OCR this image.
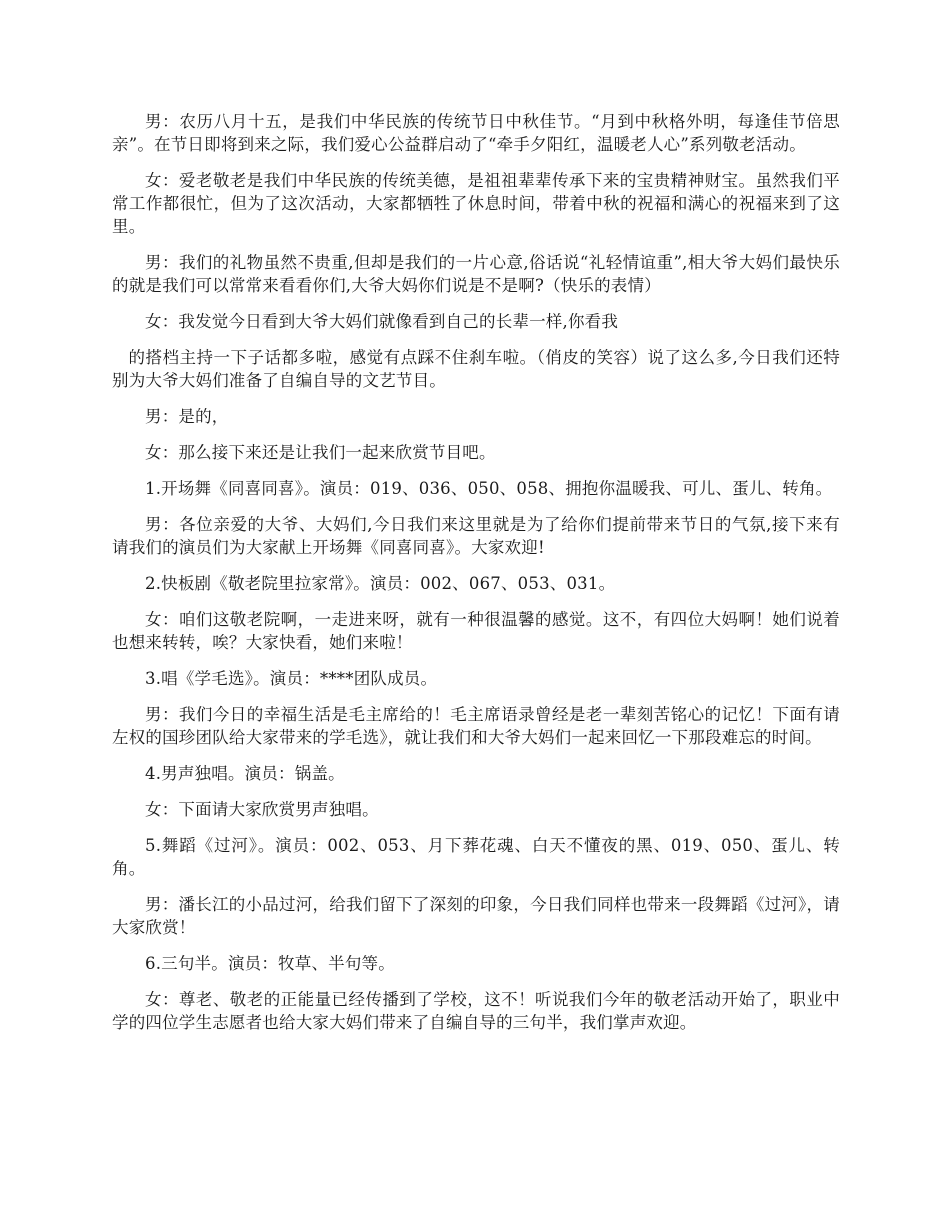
男：农历八月十五，是我们中华民族的传统节日中秋佳节。“月到中秋格外明，每逢佳节倍思亲”。在节日即将到来之际，我们爱心公益群启动了“牵手夕阳红，温暖老人心”系列敬老活动。

女：爱老敬老是我们中华民族的传统美德，是祖祖辈辈传承下来的宝贵精神财宝。虽然我们平常工作都很忙，但为了这次活动，大家都牺牲了休息时间，带着中秋的祝福和满心的祝福来到了这里。

男：我们的礼物虽然不贵重,但却是我们的一片心意,俗话说“礼轻情谊重”,相大爷大妈们最快乐的就是我们可以常常来看看你们,大爷大妈你们说是不是啊?（快乐的表情）

女：我发觉今日看到大爷大妈们就像看到自己的长辈一样,你看我

的搭档主持一下子话都多啦，感觉有点踩不住刹车啦。（俏皮的笑容）说了这么多,今日我们还特别为大爷大妈们准备了自编自导的文艺节目。

男：是的，

女：那么接下来还是让我们一起来欣赏节目吧。

1.开场舞《同喜同喜》。演员：019、036、050、058、拥抱你温暖我、可儿、蛋儿、转角。

男：各位亲爱的大爷、大妈们,今日我们来这里就是为了给你们提前带来节日的气氛,接下来有请我们的演员们为大家献上开场舞《同喜同喜》。大家欢迎!

2.快板剧《敬老院里拉家常》。演员：002、067、053、031。

女：咱们这敬老院啊，一走进来呀，就有一种很温馨的感觉。这不，有四位大妈啊！她们说着也想来转转，唉？大家快看，她们来啦！

3.唱《学毛选》。演员：****团队成员。

男：我们今日的幸福生活是毛主席给的！毛主席语录曾经是老一辈刻苦铭心的记忆！下面有请左权的国珍团队给大家带来的学毛选》，就让我们和大爷大妈们一起来回忆一下那段难忘的时间。

4.男声独唱。演员：锅盖。

女：下面请大家欣赏男声独唱。

5.舞蹈《过河》。演员：002、053、月下葬花魂、白天不懂夜的黑、019、050、蛋儿、转角。

男：潘长江的小品过河，给我们留下了深刻的印象，今日我们同样也带来一段舞蹈《过河》，请大家欣赏！

6.三句半。演员：牧草、半句等。

女：尊老、敬老的正能量已经传播到了学校，这不！听说我们今年的敬老活动开始了，职业中学的四位学生志愿者也给大家大妈们带来了自编自导的三句半，我们掌声欢迎。
